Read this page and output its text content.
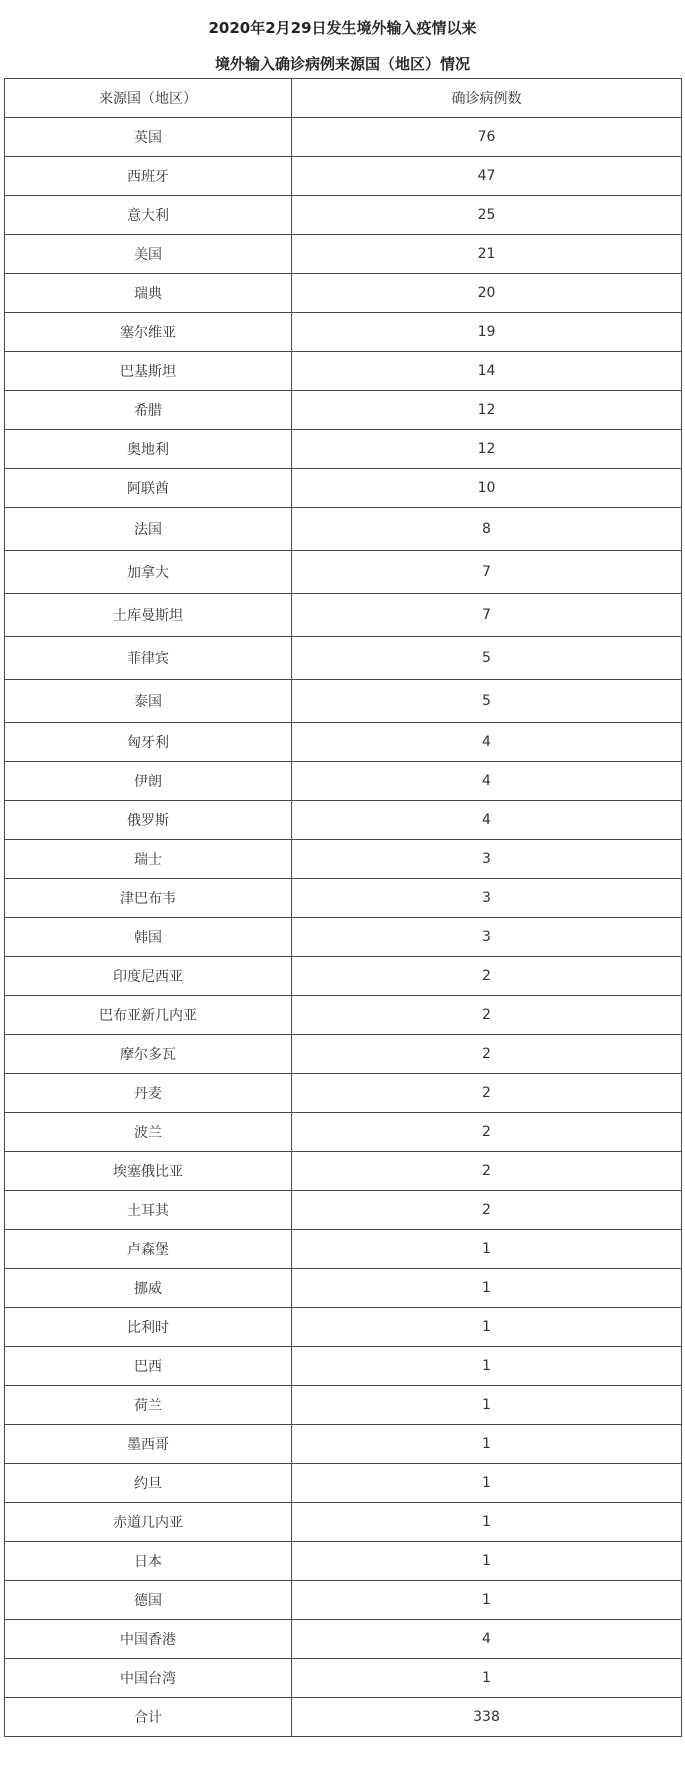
2020年2月29日发生境外输入疫情以来
境外输入确诊病例来源国（地区）情况
来源国（地区）	确诊病例数
英国	76
西班牙	47
意大利	25
美国	21
瑞典	20
塞尔维亚	19
巴基斯坦	14
希腊	12
奥地利	12
阿联酋	10
法国	8
加拿大	7
土库曼斯坦	7
菲律宾	5
泰国	5
匈牙利	4
伊朗	4
俄罗斯	4
瑞士	3
津巴布韦	3
韩国	3
印度尼西亚	2
巴布亚新几内亚	2
摩尔多瓦	2
丹麦	2
波兰	2
埃塞俄比亚	2
土耳其	2
卢森堡	1
挪威	1
比利时	1
巴西	1
荷兰	1
墨西哥	1
约旦	1
赤道几内亚	1
日本	1
德国	1
中国香港	4
中国台湾	1
合计	338
